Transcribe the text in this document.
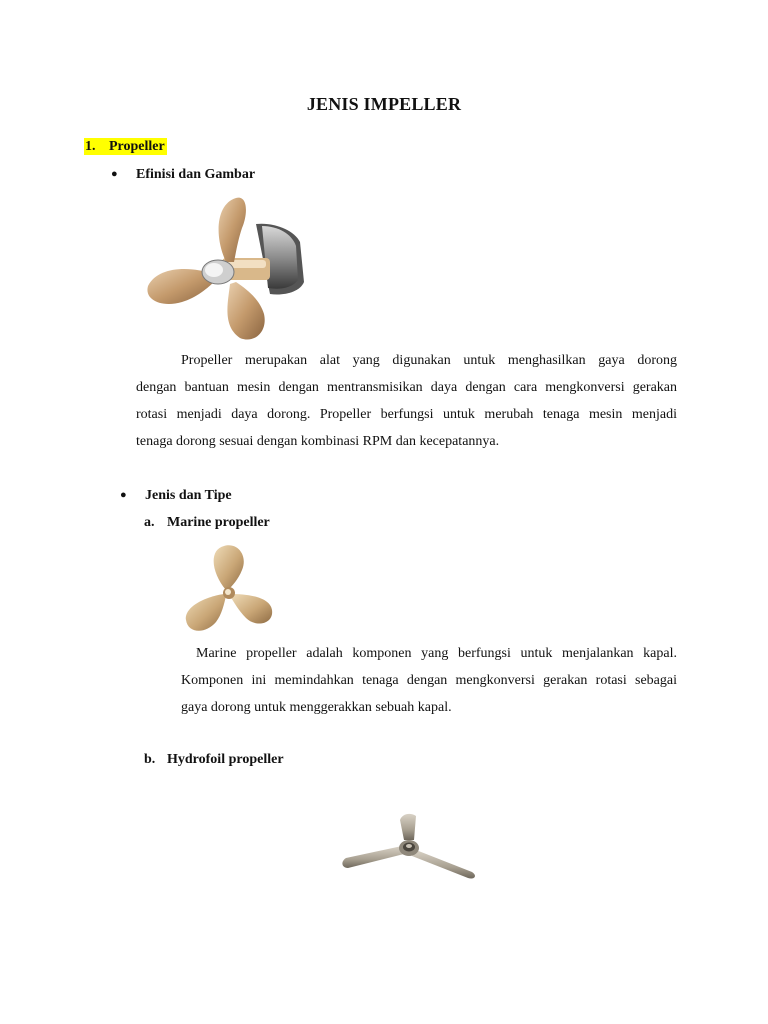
JENIS IMPELLER
1. Propeller
● Efinisi dan Gambar

Propeller merupakan alat yang digunakan untuk menghasilkan gaya dorong

dengan bantuan mesin dengan mentransmisikan daya dengan cara mengkonversi gerakan

rotasi menjadi daya dorong. Propeller berfungsi untuk merubah tenaga mesin menjadi

tenaga dorong sesuai dengan kombinasi RPM dan kecepatannya.

● Jenis dan Tipe
a. Marine propeller

Marine propeller adalah komponen yang berfungsi untuk menjalankan kapal.

Komponen ini memindahkan tenaga dengan mengkonversi gerakan rotasi sebagai

gaya dorong untuk menggerakkan sebuah kapal.

b. Hydrofoil propeller
